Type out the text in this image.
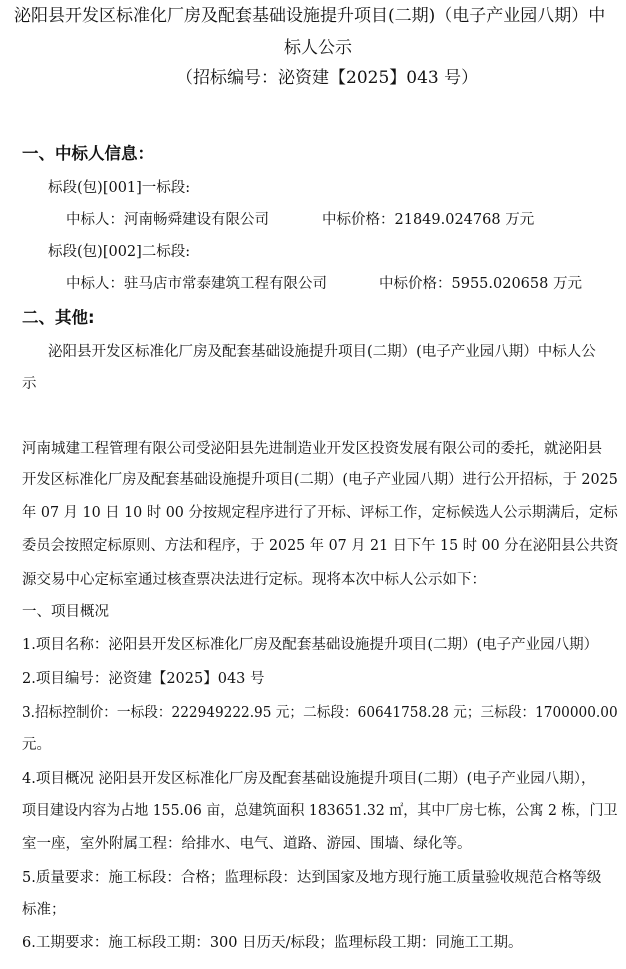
泌阳县开发区标准化厂房及配套基础设施提升项目(二期)（电子产业园八期）中
标人公示
（招标编号：泌资建【2025】043 号）
一、中标人信息：
标段(包)[001]一标段:
中标人：河南畅舜建设有限公司	中标价格：21849.024768 万元
标段(包)[002]二标段:
中标人：驻马店市常泰建筑工程有限公司	中标价格：5955.020658 万元
二、其他:
泌阳县开发区标准化厂房及配套基础设施提升项目(二期）(电子产业园八期）中标人公
示
河南城建工程管理有限公司受泌阳县先进制造业开发区投资发展有限公司的委托，就泌阳县
开发区标准化厂房及配套基础设施提升项目(二期）(电子产业园八期）进行公开招标，于 2025
年 07 月 10 日 10 时 00 分按规定程序进行了开标、评标工作，定标候选人公示期满后，定标
委员会按照定标原则、方法和程序，于 2025 年 07 月 21 日下午 15 时 00 分在泌阳县公共资
源交易中心定标室通过核查票决法进行定标。现将本次中标人公示如下：
一、项目概况
1.项目名称：泌阳县开发区标准化厂房及配套基础设施提升项目(二期）(电子产业园八期）
2.项目编号：泌资建【2025】043 号
3.招标控制价：一标段：222949222.95 元；二标段：60641758.28 元；三标段：1700000.00
元。
4.项目概况 泌阳县开发区标准化厂房及配套基础设施提升项目(二期）(电子产业园八期），
项目建设内容为占地 155.06 亩，总建筑面积 183651.32 ㎡，其中厂房七栋，公寓 2 栋，门卫
室一座，室外附属工程：给排水、电气、道路、游园、围墙、绿化等。
5.质量要求：施工标段：合格；监理标段：达到国家及地方现行施工质量验收规范合格等级
标准；
6.工期要求：施工标段工期：300 日历天/标段；监理标段工期：同施工工期。
